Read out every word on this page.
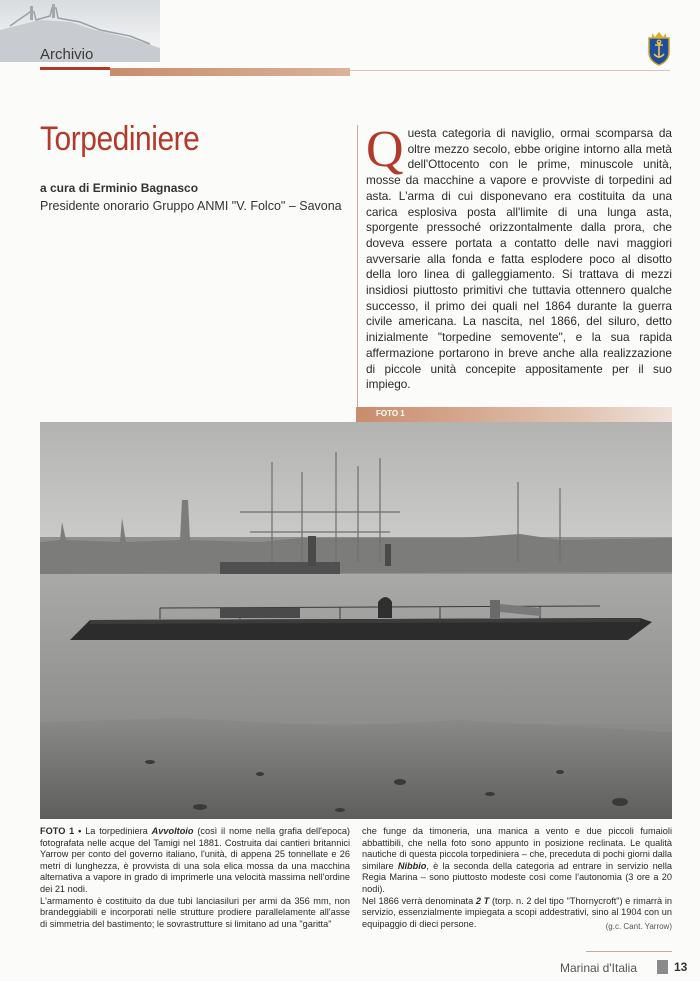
Archivio
Torpediniere
a cura di Erminio Bagnasco
Presidente onorario Gruppo ANMI "V. Folco" – Savona
Questa categoria di naviglio, ormai scomparsa da oltre mezzo secolo, ebbe origine intorno alla metà dell'Ottocento con le prime, minuscole unità, mosse da macchine a vapore e provviste di torpedini ad asta. L'arma di cui disponevano era costituita da una carica esplosiva posta all'limite di una lunga asta, sporgente pressoché orizzontalmente dalla prora, che doveva essere portata a contatto delle navi maggiori avversarie alla fonda e fatta esplodere poco al disotto della loro linea di galleggiamento. Si trattava di mezzi insidiosi piuttosto primitivi che tuttavia ottennero qualche successo, il primo dei quali nel 1864 durante la guerra civile americana. La nascita, nel 1866, del siluro, detto inizialmente "torpedine semovente", e la sua rapida affermazione portarono in breve anche alla realizzazione di piccole unità concepite appositamente per il suo impiego.
FOTO 1
FOTO 1 • La torpediniera Avvoltoio (così il nome nella grafia dell'epoca) fotografata nelle acque del Tamigi nel 1881. Costruita dai cantieri britannici Yarrow per conto del governo italiano, l'unità, di appena 25 tonnellate e 26 metri di lunghezza, è provvista di una sola elica mossa da una macchina alternativa a vapore in grado di imprimerle una velocità massima nell'ordine dei 21 nodi.
L'armamento è costituito da due tubi lanciasiluri per armi da 356 mm, non brandeggiabili e incorporati nelle strutture prodiere parallelamente all'asse di simmetria del bastimento; le sovrastrutture si limitano ad una "garitta"
che funge da timoneria, una manica a vento e due piccoli fumaioli abbattibili, che nella foto sono appunto in posizione reclinata. Le qualità nautiche di questa piccola torpediniera – che, preceduta di pochi giorni dalla similare Nibbio, è la seconda della categoria ad entrare in servizio nella Regia Marina – sono piuttosto modeste così come l'autonomia (3 ore a 20 nodi).
Nel 1866 verrà denominata 2 T (torp. n. 2 del tipo "Thornycroft") e rimarrà in servizio, essenzialmente impiegata a scopi addestrativi, sino al 1904 con un equipaggio di dieci persone.	(g.c. Cant. Yarrow)
Marinai d'Italia	13
